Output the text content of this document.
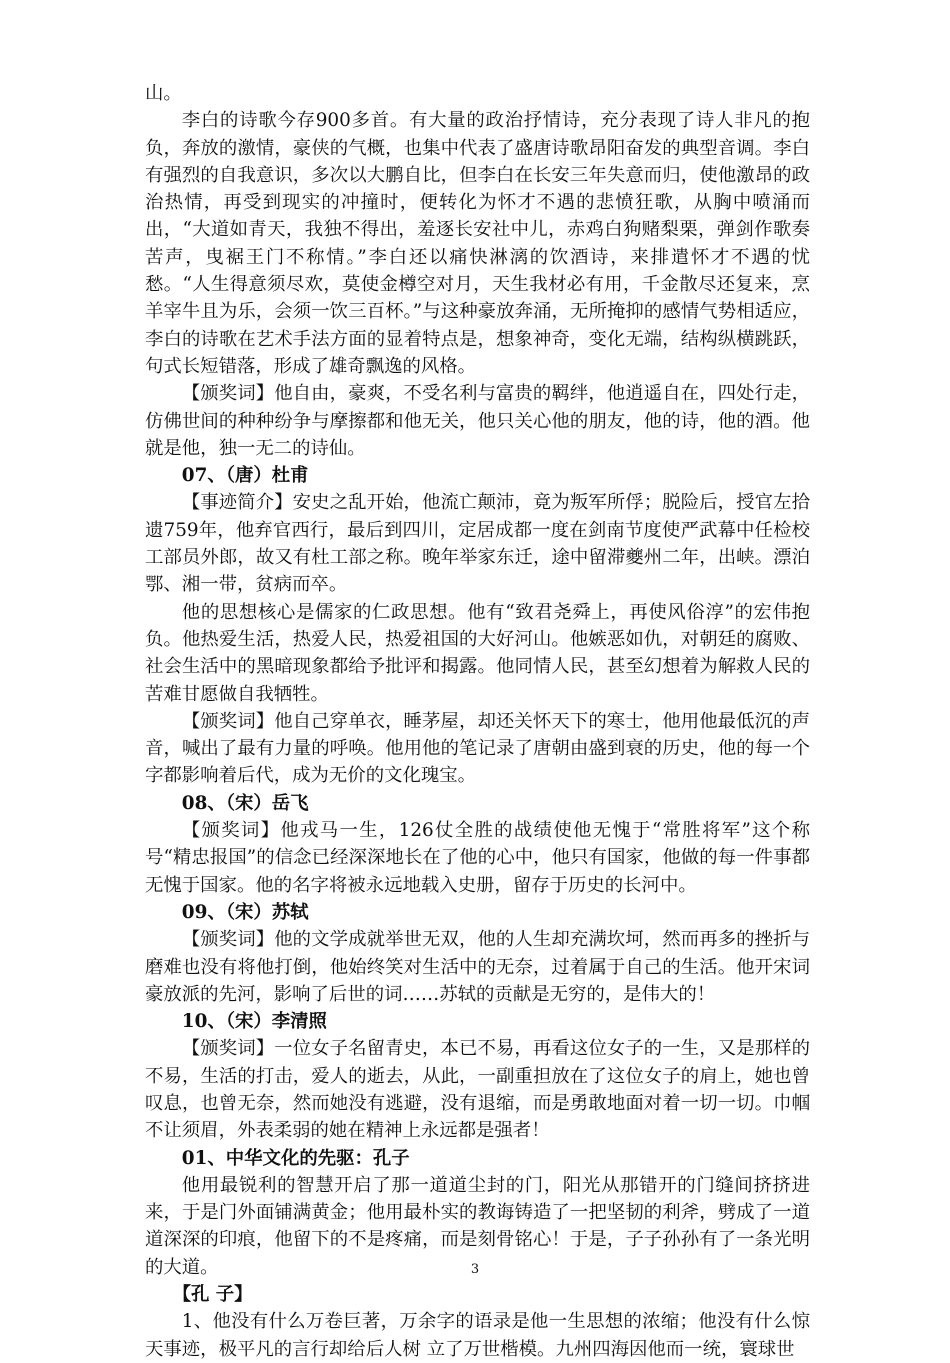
山。

李白的诗歌今存900多首。有大量的政治抒情诗，充分表现了诗人非凡的抱负，奔放的激情，豪侠的气概，也集中代表了盛唐诗歌昂阳奋发的典型音调。李白有强烈的自我意识，多次以大鹏自比，但李白在长安三年失意而归，使他激昂的政治热情，再受到现实的冲撞时，便转化为怀才不遇的悲愤狂歌，从胸中喷涌而出，“大道如青天，我独不得出，羞逐长安社中儿，赤鸡白狗赌梨栗，弹剑作歌奏苦声，曳裾王门不称情。”李白还以痛快淋漓的饮酒诗，来排遣怀才不遇的忧愁。“人生得意须尽欢，莫使金樽空对月，天生我材必有用，千金散尽还复来，烹羊宰牛且为乐，会须一饮三百杯。”与这种豪放奔涌，无所掩抑的感情气势相适应，李白的诗歌在艺术手法方面的显着特点是，想象神奇，变化无端，结构纵横跳跃，句式长短错落，形成了雄奇飘逸的风格。

【颁奖词】他自由，豪爽，不受名利与富贵的羁绊，他逍遥自在，四处行走，仿佛世间的种种纷争与摩擦都和他无关，他只关心他的朋友，他的诗，他的酒。他就是他，独一无二的诗仙。

07、（唐）杜甫

【事迹简介】安史之乱开始，他流亡颠沛，竟为叛军所俘；脱险后，授官左拾遗759年，他弃官西行，最后到四川，定居成都一度在剑南节度使严武幕中任检校工部员外郎，故又有杜工部之称。晚年举家东迁，途中留滞夔州二年，出峡。漂泊鄂、湘一带，贫病而卒。

他的思想核心是儒家的仁政思想。他有“致君尧舜上，再使风俗淳”的宏伟抱负。他热爱生活，热爱人民，热爱祖国的大好河山。他嫉恶如仇，对朝廷的腐败、社会生活中的黑暗现象都给予批评和揭露。他同情人民，甚至幻想着为解救人民的苦难甘愿做自我牺牲。

【颁奖词】他自己穿单衣，睡茅屋，却还关怀天下的寒士，他用他最低沉的声音，喊出了最有力量的呼唤。他用他的笔记录了唐朝由盛到衰的历史，他的每一个字都影响着后代，成为无价的文化瑰宝。

08、（宋）岳飞

【颁奖词】他戎马一生，126仗全胜的战绩使他无愧于“常胜将军”这个称号“精忠报国”的信念已经深深地长在了他的心中，他只有国家，他做的每一件事都无愧于国家。他的名字将被永远地载入史册，留存于历史的长河中。

09、（宋）苏轼

【颁奖词】他的文学成就举世无双，他的人生却充满坎坷，然而再多的挫折与磨难也没有将他打倒，他始终笑对生活中的无奈，过着属于自己的生活。他开宋词豪放派的先河，影响了后世的词……苏轼的贡献是无穷的，是伟大的！

10、（宋）李清照

【颁奖词】一位女子名留青史，本已不易，再看这位女子的一生，又是那样的不易，生活的打击，爱人的逝去，从此，一副重担放在了这位女子的肩上，她也曾叹息，也曾无奈，然而她没有逃避，没有退缩，而是勇敢地面对着一切一切。巾帼不让须眉，外表柔弱的她在精神上永远都是强者！

01、中华文化的先驱：孔子

他用最锐利的智慧开启了那一道道尘封的门，阳光从那错开的门缝间挤挤进来，于是门外面铺满黄金；他用最朴实的教诲铸造了一把坚韧的利斧，劈成了一道道深深的印痕，他留下的不是疼痛，而是刻骨铭心！于是，子子孙孙有了一条光明的大道。

【孔 子】

1、他没有什么万卷巨著，万余字的语录是他一生思想的浓缩；他没有什么惊天事迹，极平凡的言行却给后人树 立了万世楷模。九州四海因他而一统，寰球世

3
